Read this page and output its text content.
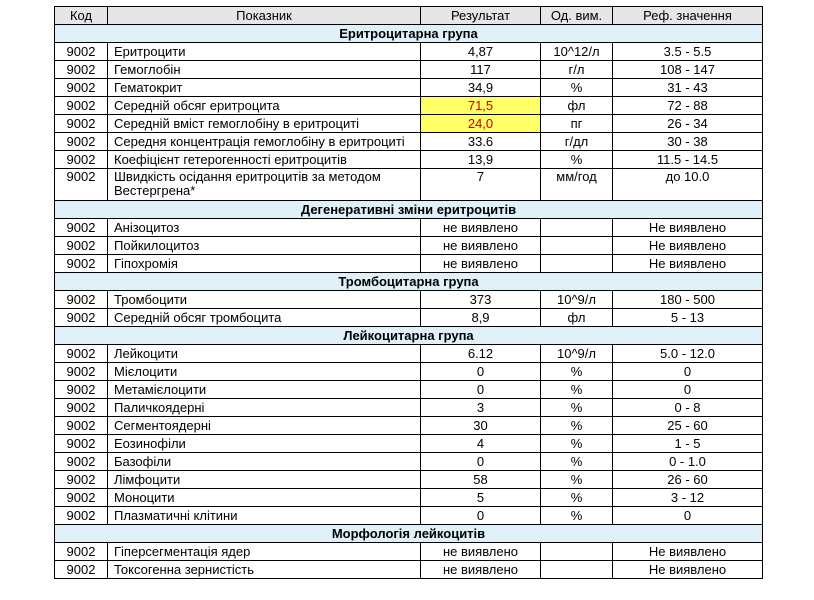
Код	Показник	Результат	Од. вим.	Реф. значення
Еритроцитарна група				
9002	Еритроцити	4,87	10^12/л	3.5 - 5.5
9002	Гемоглобін	117	г/л	108 - 147
9002	Гематокрит	34,9	%	31 - 43
9002	Середній обсяг еритроцита	71,5	фл	72 - 88
9002	Середній вміст гемоглобіну в еритроциті	24,0	пг	26 - 34
9002	Середня концентрація гемоглобіну в еритроциті	33.6	г/дл	30 - 38
9002	Коефіцієнт гетерогенності еритроцитів	13,9	%	11.5 - 14.5
9002	Швидкість осідання еритроцитів за методом Вестергрена*	7	мм/год	до 10.0
Дегенеративні зміни еритроцитів				
9002	Анізоцитоз	не виявлено		Не виявлено
9002	Пойкилоцитоз	не виявлено		Не виявлено
9002	Гіпохромія	не виявлено		Не виявлено
Тромбоцитарна група				
9002	Тромбоцити	373	10^9/л	180 - 500
9002	Середній обсяг тромбоцита	8,9	фл	5 - 13
Лейкоцитарна група				
9002	Лейкоцити	6.12	10^9/л	5.0 - 12.0
9002	Мієлоцити	0	%	0
9002	Метамієлоцити	0	%	0
9002	Паличкоядерні	3	%	0 - 8
9002	Сегментоядерні	30	%	25 - 60
9002	Еозинофіли	4	%	1 - 5
9002	Базофіли	0	%	0 - 1.0
9002	Лімфоцити	58	%	26 - 60
9002	Моноцити	5	%	3 - 12
9002	Плазматичні клітини	0	%	0
Морфологія лейкоцитів				
9002	Гіперсегментація ядер	не виявлено		Не виявлено
9002	Токсогенна зернистість	не виявлено		Не виявлено
